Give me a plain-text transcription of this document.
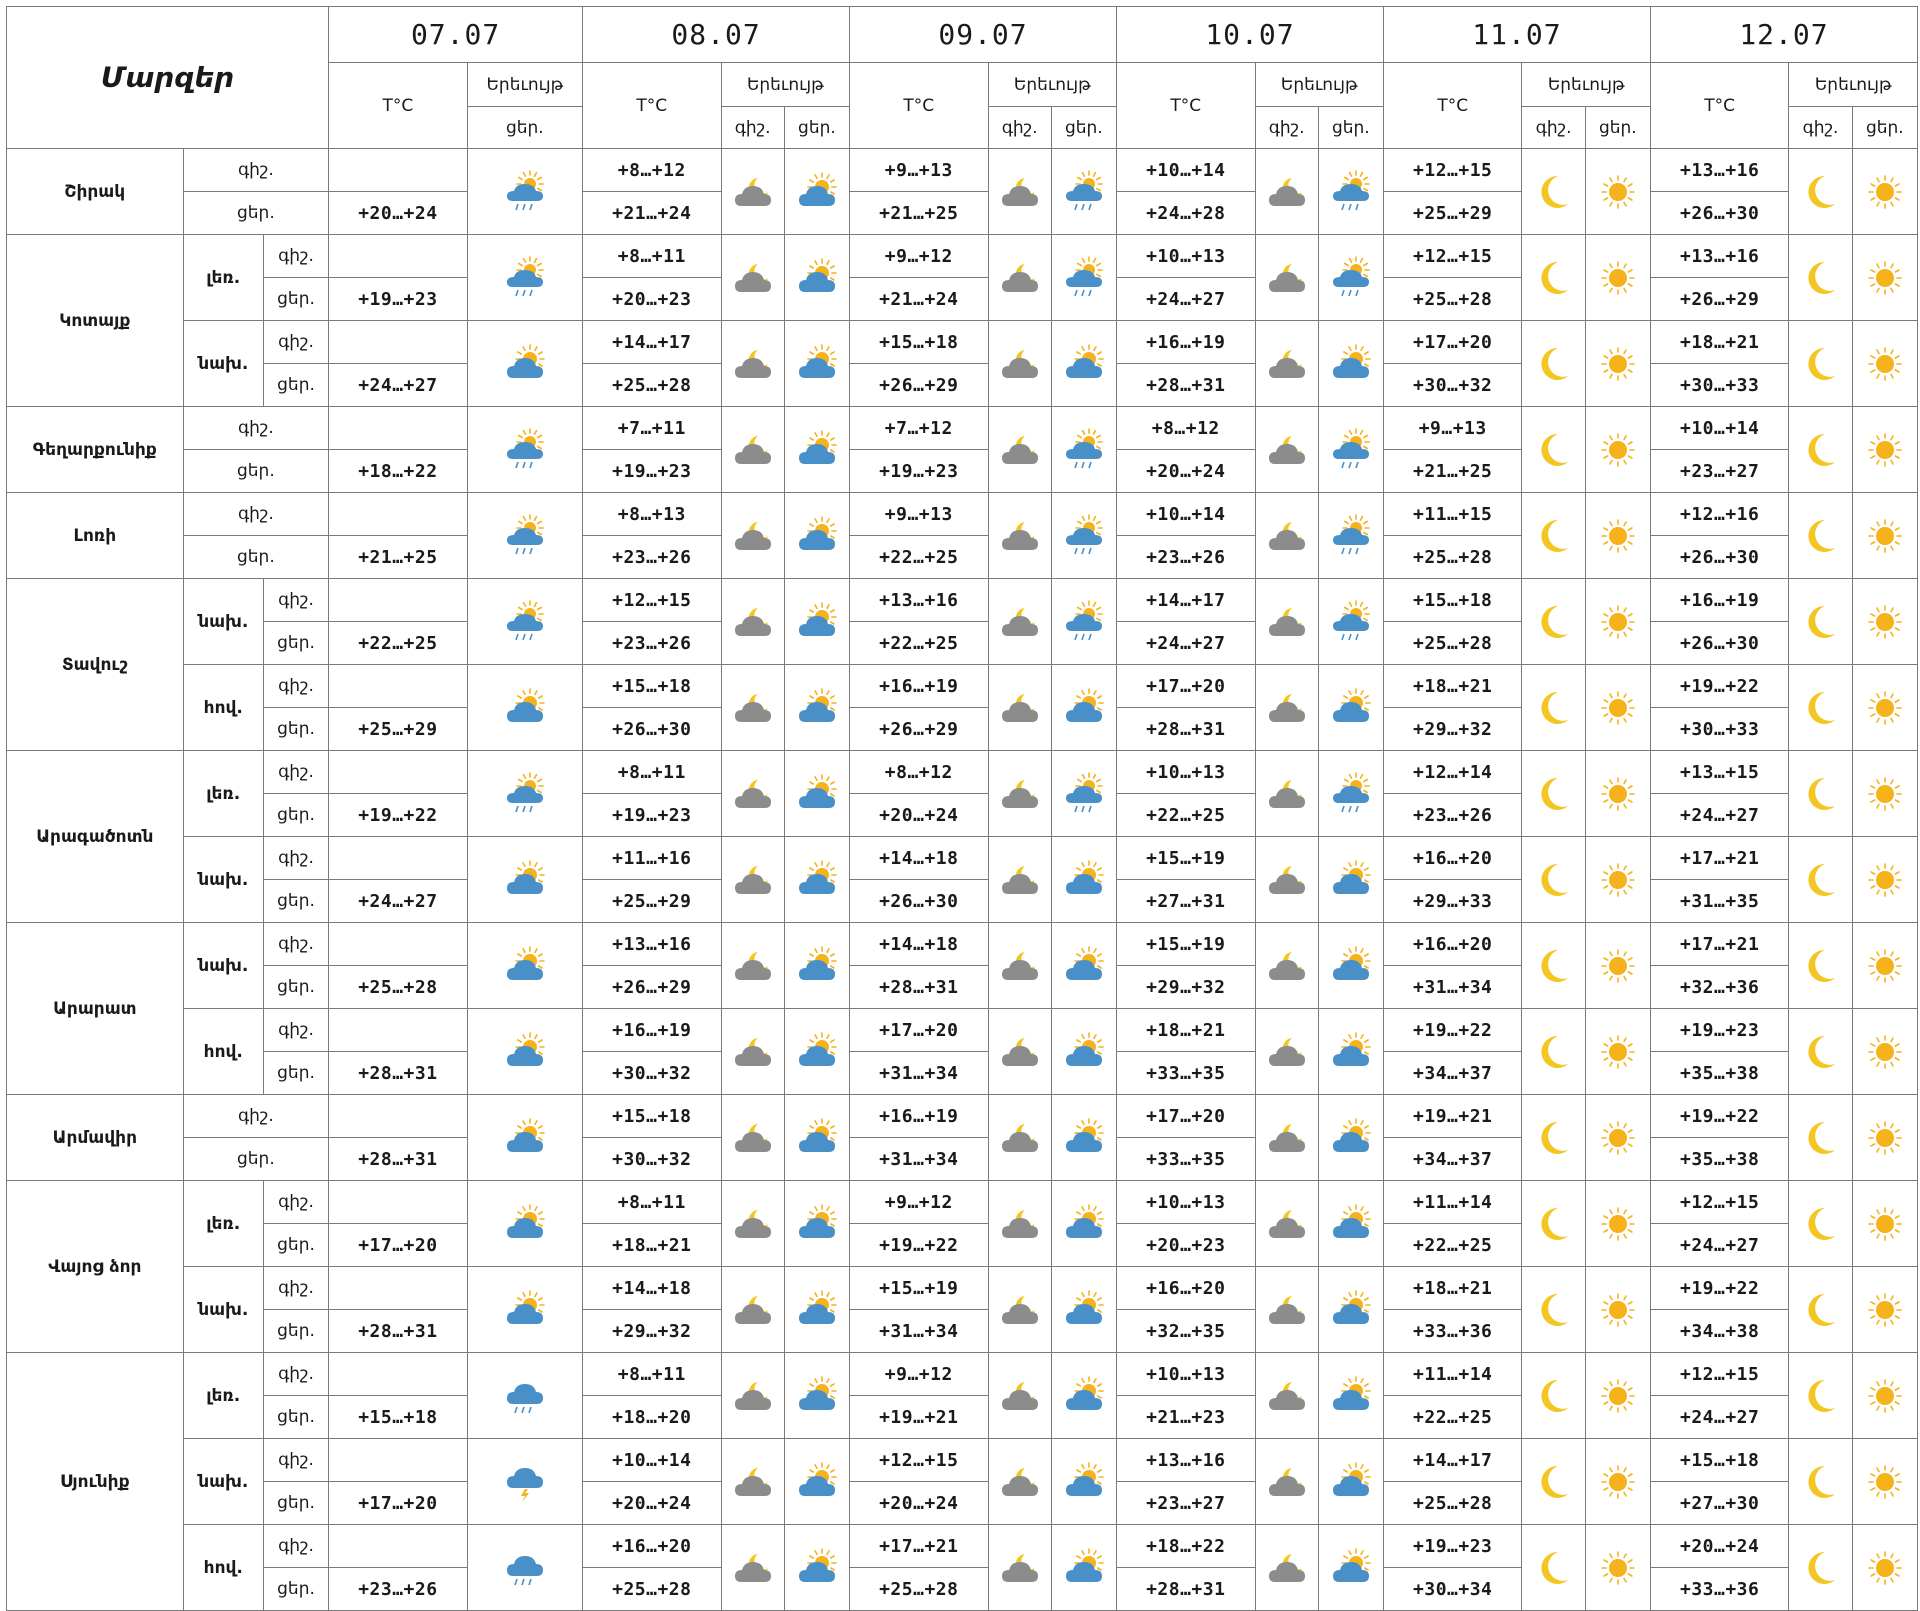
Մարզեր			07.07		08.07			09.07			10.07			11.07			12.07		
			T°C	Երեւույթ	T°C	Երեւույթ		T°C	Երեւույթ		T°C	Երեւույթ		T°C	Երեւույթ		T°C	Երեւույթ	
				ցեր.		գիշ.	ցեր.		գիշ.	ցեր.		գիշ.	ցեր.		գիշ.	ցեր.		գիշ.	ցեր.
Շիրակ	գիշ.				+8…+12			+9…+13			+10…+14			+12…+15			+13…+16	

	ցեր.		+20…+24		+21…+24			+21…+25			+24…+28			+25…+29			+26…+30		
Կոտայք	լեռ.	գիշ.			+8…+11			+9…+12			+10…+13			+12…+15			+13…+16	

		ցեր.	+19…+23		+20…+23			+21…+24			+24…+27			+25…+28			+26…+29		
	նախ.	գիշ.			+14…+17			+15…+18			+16…+19			+17…+20			+18…+21	

		ցեր.	+24…+27		+25…+28			+26…+29			+28…+31			+30…+32			+30…+33		
Գեղարքունիք	գիշ.				+7…+11			+7…+12			+8…+12			+9…+13			+10…+14	

	ցեր.		+18…+22		+19…+23			+19…+23			+20…+24			+21…+25			+23…+27		
Լոռի	գիշ.				+8…+13			+9…+13			+10…+14			+11…+15			+12…+16	

	ցեր.		+21…+25		+23…+26			+22…+25			+23…+26			+25…+28			+26…+30		
Տավուշ	նախ.	գիշ.			+12…+15			+13…+16			+14…+17			+15…+18			+16…+19	

		ցեր.	+22…+25		+23…+26			+22…+25			+24…+27			+25…+28			+26…+30		
	հով.	գիշ.			+15…+18			+16…+19			+17…+20			+18…+21			+19…+22	

		ցեր.	+25…+29		+26…+30			+26…+29			+28…+31			+29…+32			+30…+33		
Արագածոտն	լեռ.	գիշ.			+8…+11			+8…+12			+10…+13			+12…+14			+13…+15	

		ցեր.	+19…+22		+19…+23			+20…+24			+22…+25			+23…+26			+24…+27		
	նախ.	գիշ.			+11…+16			+14…+18			+15…+19			+16…+20			+17…+21	

		ցեր.	+24…+27		+25…+29			+26…+30			+27…+31			+29…+33			+31…+35		
Արարատ	նախ.	գիշ.			+13…+16			+14…+18			+15…+19			+16…+20			+17…+21	

		ցեր.	+25…+28		+26…+29			+28…+31			+29…+32			+31…+34			+32…+36		
	հով.	գիշ.			+16…+19			+17…+20			+18…+21			+19…+22			+19…+23	

		ցեր.	+28…+31		+30…+32			+31…+34			+33…+35			+34…+37			+35…+38		
Արմավիր	գիշ.				+15…+18			+16…+19			+17…+20			+19…+21			+19…+22	

	ցեր.		+28…+31		+30…+32			+31…+34			+33…+35			+34…+37			+35…+38		
Վայոց ձոր	լեռ.	գիշ.			+8…+11			+9…+12			+10…+13			+11…+14			+12…+15	

		ցեր.	+17…+20		+18…+21			+19…+22			+20…+23			+22…+25			+24…+27		
	նախ.	գիշ.			+14…+18			+15…+19			+16…+20			+18…+21			+19…+22	

		ցեր.	+28…+31		+29…+32			+31…+34			+32…+35			+33…+36			+34…+38		
Սյունիք	լեռ.	գիշ.			+8…+11			+9…+12			+10…+13			+11…+14			+12…+15	

		ցեր.	+15…+18		+18…+20			+19…+21			+21…+23			+22…+25			+24…+27		
	նախ.	գիշ.			+10…+14			+12…+15			+13…+16			+14…+17			+15…+18	

		ցեր.	+17…+20		+20…+24			+20…+24			+23…+27			+25…+28			+27…+30		
	հով.	գիշ.			+16…+20			+17…+21			+18…+22			+19…+23			+20…+24	

		ցեր.	+23…+26		+25…+28			+25…+28			+28…+31			+30…+34			+33…+36		
